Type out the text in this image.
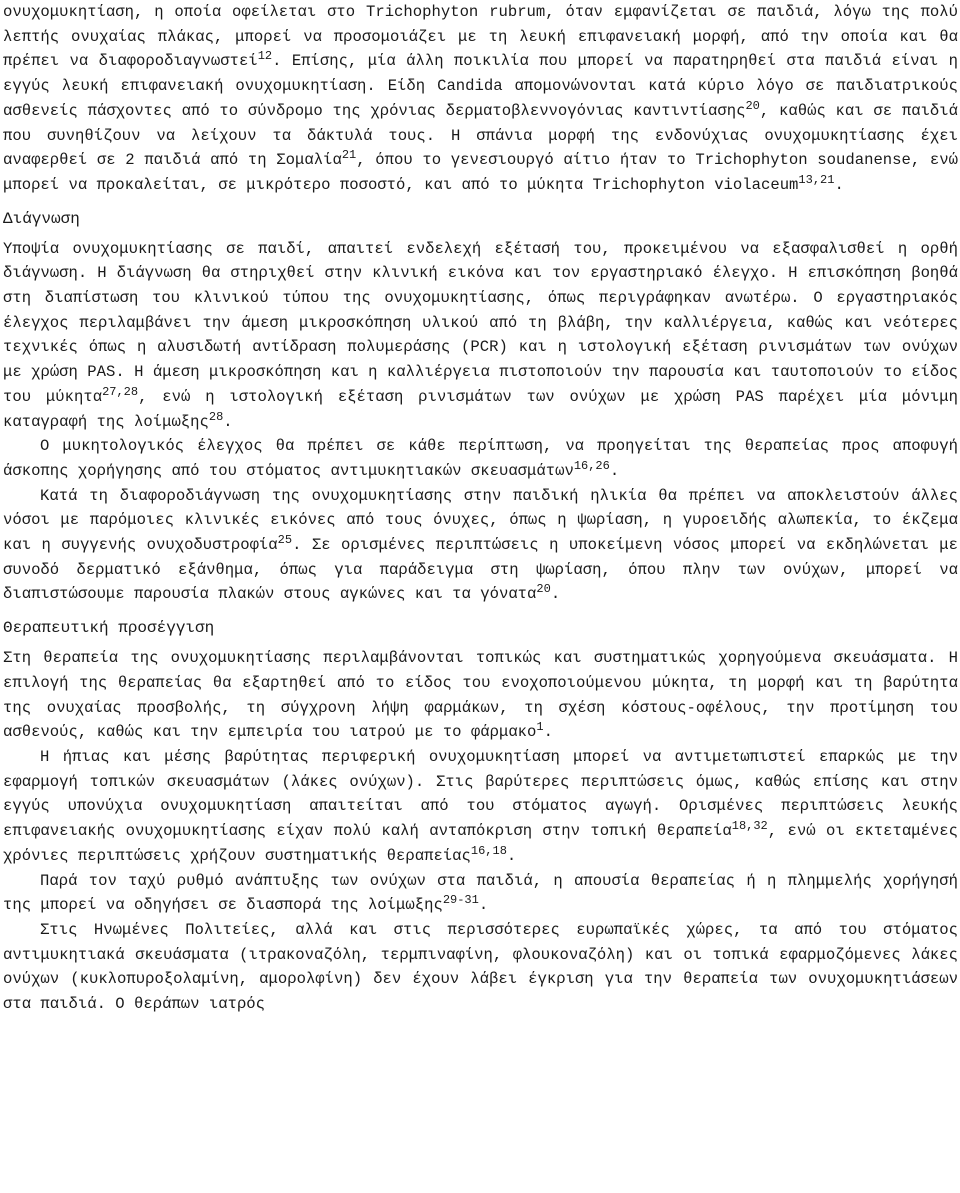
ονυχομυκητίαση, η οποία οφείλεται στο Trichophyton rubrum, όταν εμφανίζεται σε παιδιά, λόγω της πολύ λεπτής ονυχαίας πλάκας, μπορεί να προσομοιάζει με τη λευκή επιφανειακή μορφή, από την οποία και θα πρέπει να διαφοροδιαγνωστεί$^{12}$. Επίσης, μία άλλη ποικιλία που μπορεί να παρατηρηθεί στα παιδιά είναι η εγγύς λευκή επιφανειακή ονυχομυκητίαση. Είδη Candida απομονώνονται κατά κύριο λόγο σε παιδιατρικούς ασθενείς πάσχοντες από το σύνδρομο της χρόνιας δερματοβλεννογόνιας καντιντίασης$^{20}$, καθώς και σε παιδιά που συνηθίζουν να λείχουν τα δάκτυλά τους. Η σπάνια μορφή της ενδονύχιας ονυχομυκητίασης έχει αναφερθεί σε 2 παιδιά από τη Σομαλία$^{21}$, όπου το γενεσιουργό αίτιο ήταν το Trichophyton soudanense, ενώ μπορεί να προκαλείται, σε μικρότερο ποσοστό, και από το μύκητα Trichophyton violaceum$^{13,21}$.

Διάγνωση

Υποψία ονυχομυκητίασης σε παιδί, απαιτεί ενδελεχή εξέτασή του, προκειμένου να εξασφαλισθεί η ορθή διάγνωση. Η διάγνωση θα στηριχθεί στην κλινική εικόνα και τον εργαστηριακό έλεγχο. Η επισκόπηση βοηθά στη διαπίστωση του κλινικού τύπου της ονυχομυκητίασης, όπως περιγράφηκαν ανωτέρω. Ο εργαστηριακός έλεγχος περιλαμβάνει την άμεση μικροσκόπηση υλικού από τη βλάβη, την καλλιέργεια, καθώς και νεότερες τεχνικές όπως η αλυσιδωτή αντίδραση πολυμεράσης (PCR) και η ιστολογική εξέταση ρινισμάτων των ονύχων με χρώση PAS. Η άμεση μικροσκόπηση και η καλλιέργεια πιστοποιούν την παρουσία και ταυτοποιούν το είδος του μύκητα$^{27,28}$, ενώ η ιστολογική εξέταση ρινισμάτων των ονύχων με χρώση PAS παρέχει μία μόνιμη καταγραφή της λοίμωξης$^{28}$.

Ο μυκητολογικός έλεγχος θα πρέπει σε κάθε περίπτωση, να προηγείται της θεραπείας προς αποφυγή άσκοπης χορήγησης από του στόματος αντιμυκητιακών σκευασμάτων$^{16,26}$.

Κατά τη διαφοροδιάγνωση της ονυχομυκητίασης στην παιδική ηλικία θα πρέπει να αποκλειστούν άλλες νόσοι με παρόμοιες κλινικές εικόνες από τους όνυχες, όπως η ψωρίαση, η γυροειδής αλωπεκία, το έκζεμα και η συγγενής ονυχοδυστροφία$^{25}$. Σε ορισμένες περιπτώσεις η υποκείμενη νόσος μπορεί να εκδηλώνεται με συνοδό δερματικό εξάνθημα, όπως για παράδειγμα στη ψωρίαση, όπου πλην των ονύχων, μπορεί να διαπιστώσουμε παρουσία πλακών στους αγκώνες και τα γόνατα$^{20}$.

Θεραπευτική προσέγγιση

Στη θεραπεία της ονυχομυκητίασης περιλαμβάνονται τοπικώς και συστηματικώς χορηγούμενα σκευάσματα. Η επιλογή της θεραπείας θα εξαρτηθεί από το είδος του ενοχοποιούμενου μύκητα, τη μορφή και τη βαρύτητα της ονυχαίας προσβολής, τη σύγχρονη λήψη φαρμάκων, τη σχέση κόστους-οφέλους, την προτίμηση του ασθενούς, καθώς και την εμπειρία του ιατρού με το φάρμακο$^1$.

Η ήπιας και μέσης βαρύτητας περιφερική ονυχομυκητίαση μπορεί να αντιμετωπιστεί επαρκώς με την εφαρμογή τοπικών σκευασμάτων (λάκες ονύχων). Στις βαρύτερες περιπτώσεις όμως, καθώς επίσης και στην εγγύς υπονύχια ονυχομυκητίαση απαιτείται από του στόματος αγωγή. Ορισμένες περιπτώσεις λευκής επιφανειακής ονυχομυκητίασης είχαν πολύ καλή ανταπόκριση στην τοπική θεραπεία$^{18,32}$, ενώ οι εκτεταμένες χρόνιες περιπτώσεις χρήζουν συστηματικής θεραπείας$^{16,18}$.

Παρά τον ταχύ ρυθμό ανάπτυξης των ονύχων στα παιδιά, η απουσία θεραπείας ή η πλημμελής χορήγησή της μπορεί να οδηγήσει σε διασπορά της λοίμωξης$^{29-31}$.

Στις Ηνωμένες Πολιτείες, αλλά και στις περισσότερες ευρωπαϊκές χώρες, τα από του στόματος αντιμυκητιακά σκευάσματα (ιτρακοναζόλη, τερμπιναφίνη, φλουκοναζόλη) και οι τοπικά εφαρμοζόμενες λάκες ονύχων (κυκλοπυροξολαμίνη, αμορολφίνη) δεν έχουν λάβει έγκριση για την θεραπεία των ονυχομυκητιάσεων στα παιδιά. Ο θεράπων ιατρός
